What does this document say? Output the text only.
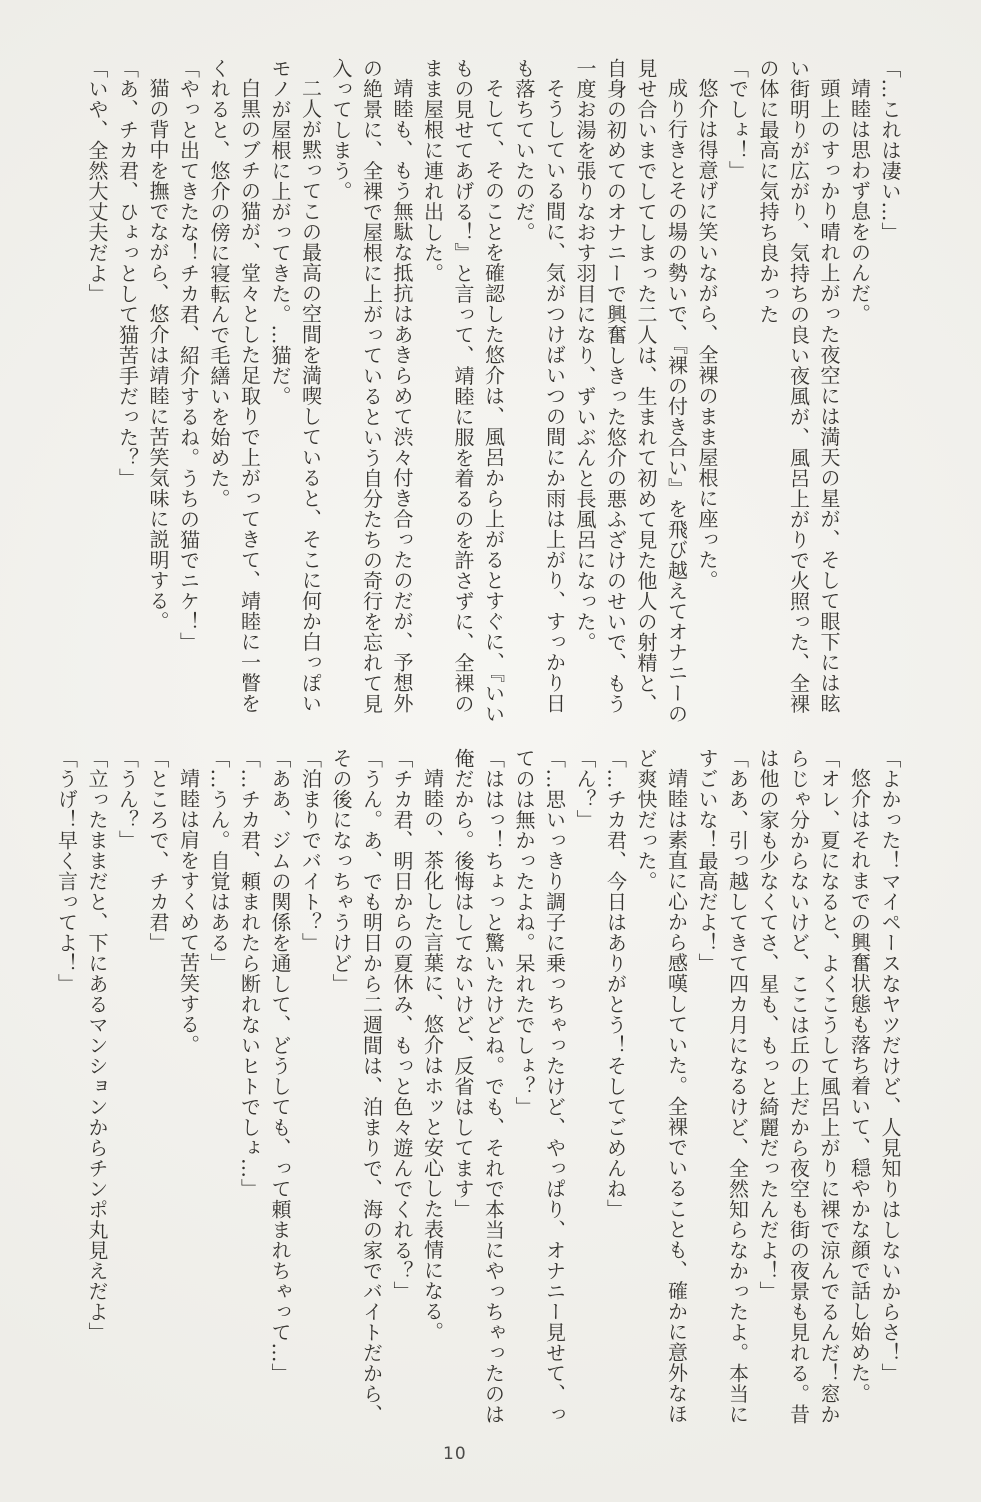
「…これは凄い…」

靖睦は思わず息をのんだ。

頭上のすっかり晴れ上がった夜空には満天の星が、そして眼下には眩い街明りが広がり、気持ちの良い夜風が、風呂上がりで火照った、全裸の体に最高に気持ち良かった

「でしょ！」

悠介は得意げに笑いながら、全裸のまま屋根に座った。

成り行きとその場の勢いで、『裸の付き合い』を飛び越えてオナニーの見せ合いまでしてしまった二人は、生まれて初めて見た他人の射精と、自身の初めてのオナニーで興奮しきった悠介の悪ふざけのせいで、もう一度お湯を張りなおす羽目になり、ずいぶんと長風呂になった。

そうしている間に、気がつけばいつの間にか雨は上がり、すっかり日も落ちていたのだ。

そして、そのことを確認した悠介は、風呂から上がるとすぐに、『いいもの見せてあげる！』と言って、靖睦に服を着るのを許さずに、全裸のまま屋根に連れ出した。

靖睦も、もう無駄な抵抗はあきらめて渋々付き合ったのだが、予想外の絶景に、全裸で屋根に上がっているという自分たちの奇行を忘れて見入ってしまう。

二人が黙ってこの最高の空間を満喫していると、そこに何か白っぽいモノが屋根に上がってきた。…猫だ。

白黒のブチの猫が、堂々とした足取りで上がってきて、靖睦に一瞥をくれると、悠介の傍に寝転んで毛繕いを始めた。

「やっと出てきたな！チカ君、紹介するね。うちの猫でニケ！」

猫の背中を撫でながら、悠介は靖睦に苦笑気味に説明する。

「あ、チカ君、ひょっとして猫苦手だった？」

「いや、全然大丈夫だよ」

「よかった！マイペースなヤツだけど、人見知りはしないからさ！」

悠介はそれまでの興奮状態も落ち着いて、穏やかな顔で話し始めた。

「オレ、夏になると、よくこうして風呂上がりに裸で涼んでるんだ！窓からじゃ分からないけど、ここは丘の上だから夜空も街の夜景も見れる。昔は他の家も少なくてさ、星も、もっと綺麗だったんだよ！」

「ああ、引っ越してきて四カ月になるけど、全然知らなかったよ。本当にすごいな！最高だよ！」

靖睦は素直に心から感嘆していた。全裸でいることも、確かに意外なほど爽快だった。

「…チカ君、今日はありがとう！そしてごめんね」

「ん？」

「…思いっきり調子に乗っちゃったけど、やっぱり、オナニー見せて、ってのは無かったよね。呆れたでしょ？」

「ははっ！ちょっと驚いたけどね。でも、それで本当にやっちゃったのは俺だから。後悔はしてないけど、反省はしてます」

靖睦の、茶化した言葉に、悠介はホッと安心した表情になる。

「チカ君、明日からの夏休み、もっと色々遊んでくれる？」

「うん。あ、でも明日から二週間は、泊まりで、海の家でバイトだから、その後になっちゃうけど」

「泊まりでバイト？」

「ああ、ジムの関係を通して、どうしても、って頼まれちゃって…」

「…チカ君、頼まれたら断れないヒトでしょ…」

「…うん。自覚はある」

靖睦は肩をすくめて苦笑する。

「ところで、チカ君」

「うん？」

「立ったままだと、下にあるマンションからチンポ丸見えだよ」

「うげ！早く言ってよ！」

10
